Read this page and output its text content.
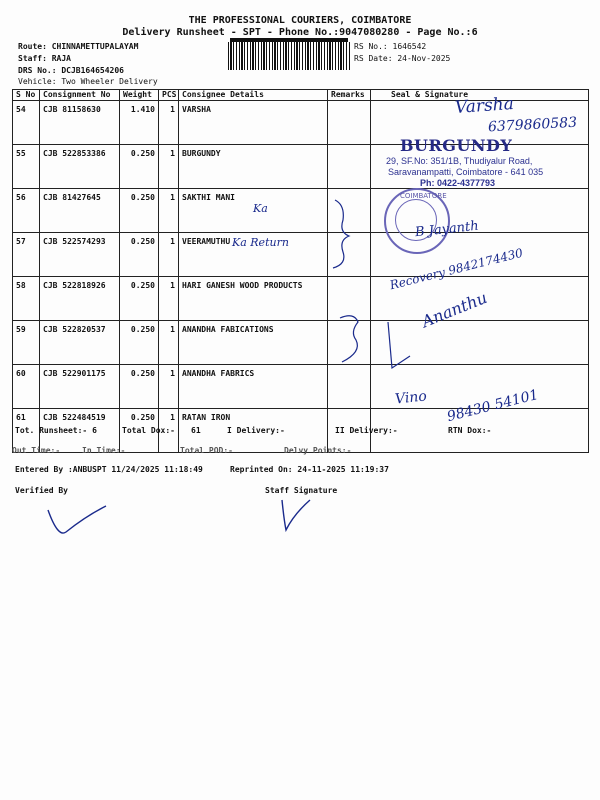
THE PROFESSIONAL COURIERS, COIMBATORE
Delivery Runsheet - SPT - Phone No.:9047080280 - Page No.:6
Route: CHINNAMETTUPALAYAM
Staff: RAJA
DRS No.: DCJB164654206
Vehicle: Two Wheeler Delivery
RS No.: 1646542
RS Date: 24-Nov-2025
S No	Consignment No	Weight	PCS	Consignee Details	Remarks	Seal & Signature
54	CJB 81158630	1.410	1	VARSHA		
55	CJB 522853386	0.250	1	BURGUNDY		
56	CJB 81427645	0.250	1	SAKTHI MANI		
57	CJB 522574293	0.250	1	VEERAMUTHU		
58	CJB 522818926	0.250	1	HARI GANESH WOOD PRODUCTS		
59	CJB 522820537	0.250	1	ANANDHA FABICATIONS		
60	CJB 522901175	0.250	1	ANANDHA FABRICS		
61	CJB 522484519	0.250	1	RATAN IRON		
BURGUNDY
29, SF.No: 351/1B, Thudiyalur Road,
Saravanampatti, Coimbatore - 641 035
Ph: 0422-4377793
COIMBATORE
Varsha
6379860583
Ka
Ka Return
B Jayanth
Recovery 9842174430
Ananthu
Vino 98430 54101
Tot. Runsheet:- 6	Total Dox:- 61	I Delivery:-	II Delivery:-	RTN Dox:-
Out Time:-	In Time:-	Total POD:-	Delvy Points:-
Entered By :ANBUSPT 11/24/2025 11:18:49	Reprinted On: 24-11-2025 11:19:37
Verified By	Staff Signature
